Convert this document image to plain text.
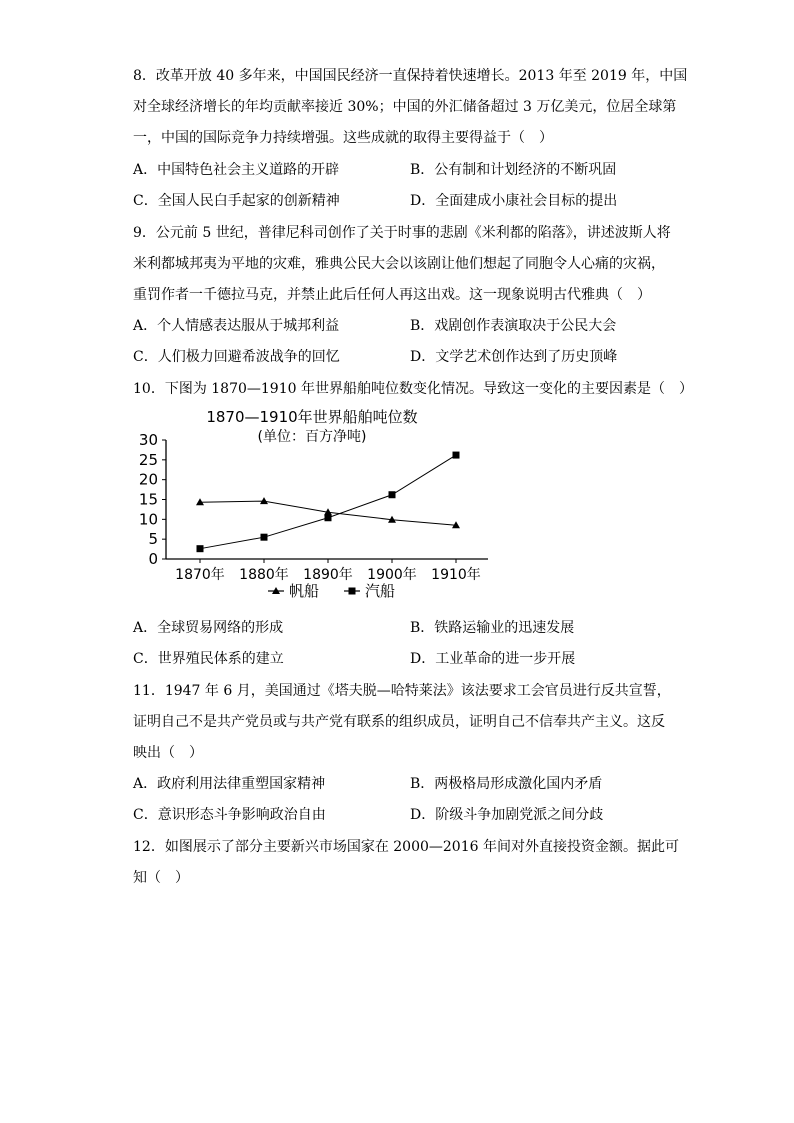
8．改革开放 40 多年来，中国国民经济一直保持着快速增长。2013 年至 2019 年，中国
对全球经济增长的年均贡献率接近 30%；中国的外汇储备超过 3 万亿美元，位居全球第
一，中国的国际竞争力持续增强。这些成就的取得主要得益于（　）
A．中国特色社会主义道路的开辟	B．公有制和计划经济的不断巩固
C．全国人民白手起家的创新精神	D．全面建成小康社会目标的提出
9．公元前 5 世纪，普律尼科司创作了关于时事的悲剧《米利都的陷落》，讲述波斯人将
米利都城邦夷为平地的灾难，雅典公民大会以该剧让他们想起了同胞令人心痛的灾祸，
重罚作者一千德拉马克，并禁止此后任何人再这出戏。这一现象说明古代雅典（　）
A．个人情感表达服从于城邦利益	B．戏剧创作表演取决于公民大会
C．人们极力回避希波战争的回忆	D．文学艺术创作达到了历史顶峰
10．下图为 1870—1910 年世界船舶吨位数变化情况。导致这一变化的主要因素是（　）
1870—1910年世界船舶吨位数
(单位：百方净吨)
0
5
10
15
20
25
30
1870年 1880年 1890年 1900年 1910年
帆船	汽船
A．全球贸易网络的形成	B．铁路运输业的迅速发展
C．世界殖民体系的建立	D．工业革命的进一步开展
11．1947 年 6 月，美国通过《塔夫脱—哈特莱法》该法要求工会官员进行反共宣誓，
证明自己不是共产党员或与共产党有联系的组织成员，证明自己不信奉共产主义。这反
映出（　）
A．政府利用法律重塑国家精神	B．两极格局形成激化国内矛盾
C．意识形态斗争影响政治自由	D．阶级斗争加剧党派之间分歧
12．如图展示了部分主要新兴市场国家在 2000—2016 年间对外直接投资金额。据此可
知（　）
